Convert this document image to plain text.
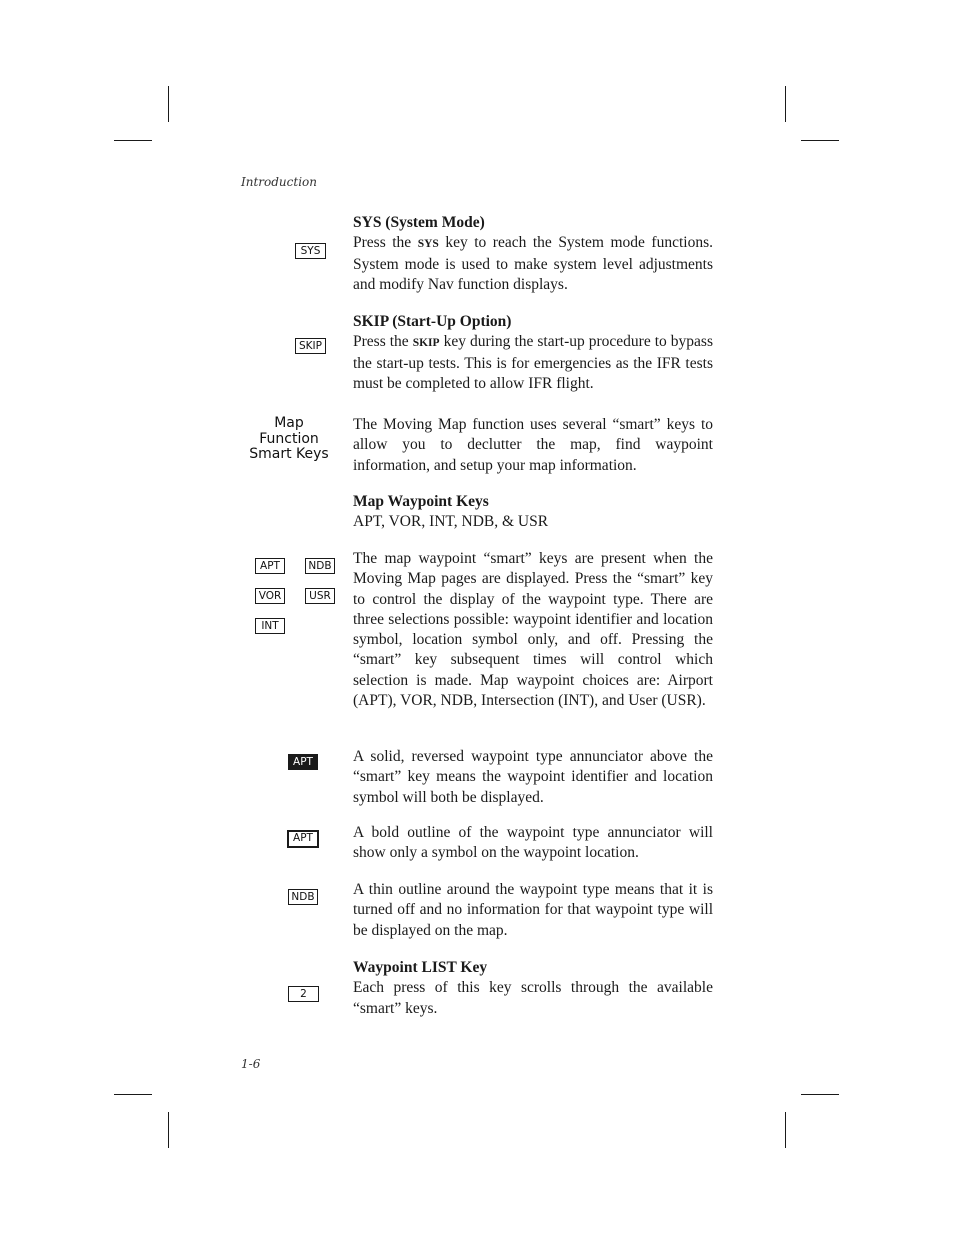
Introduction
SYS

SYS (System Mode)

Press the SYS key to reach the System mode functions. System mode is used to make system level adjustments and modify Nav function displays.

SKIP

SKIP (Start-Up Option)

Press the SKIP key during the start-up procedure to bypass the start-up tests. This is for emergencies as the IFR tests must be completed to allow IFR flight.

Map
Function
Smart Keys

The Moving Map function uses several “smart” keys to allow you to declutter the map, find waypoint information, and setup your map information.

Map Waypoint Keys

APT, VOR, INT, NDB, & USR

APT	NDB
VOR	USR
INT

The map waypoint “smart” keys are present when the Moving Map pages are displayed. Press the “smart” key to control the display of the waypoint type. There are three selections possible: waypoint identifier and location symbol, location symbol only, and off. Pressing the “smart” key subsequent times will control which selection is made. Map waypoint choices are: Airport (APT), VOR, NDB, Intersection (INT), and User (USR).

APT	A solid, reversed waypoint type annunciator above the “smart” key means the waypoint identifier and location symbol will both be displayed.

APT	A bold outline of the waypoint type annunciator will show only a symbol on the waypoint location.

NDB A thin outline around the waypoint type means that it is turned off and no information for that waypoint type will be displayed on the map.

2

Waypoint LIST Key

Each press of this key scrolls through the available “smart” keys.

1-6
